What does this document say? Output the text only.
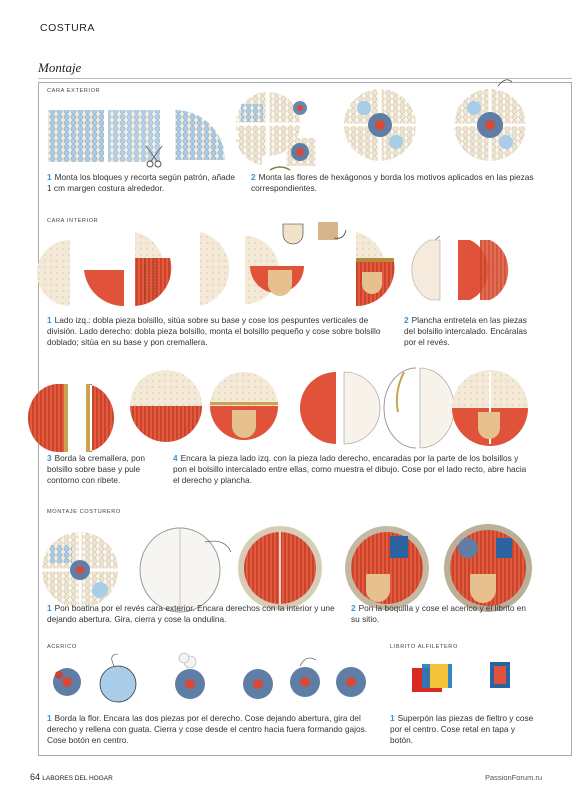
COSTURA
Montaje
CARA EXTERIOR
1 Monta los bloques y recorta según patrón, añade 1 cm margen costura alrededor.
2 Monta las flores de hexágonos y borda los motivos aplicados en las piezas correspondientes.
CARA INTERIOR
1 Lado izq.: dobla pieza bolsillo, sitúa sobre su base y cose los pespuntes verticales de división. Lado derecho: dobla pieza bolsillo, monta el bolsillo pequeño y cose sobre bolsillo doblado; sitúa en su base y pon cremallera.
2 Plancha entretela en las piezas del bolsillo intercalado. Encáralas por el revés.
3 Borda la cremallera, pon bolsillo sobre base y pule contorno con ribete.
4 Encara la pieza lado izq. con la pieza lado derecho, encaradas por la parte de los bolsillos y pon el bolsillo intercalado entre ellas, como muestra el dibujo. Cose por el lado recto, abre hacia el derecho y plancha.
MONTAJE COSTURERO
1 Pon boatina por el revés cara exterior. Encara derechos con la interior y une dejando abertura. Gira, cierra y cose la ondulina.
2 Pon la boquilla y cose el acerico y el librito en su sitio.
ACERICO	LIBRITO ALFILETERO
1 Borda la flor. Encara las dos piezas por el derecho. Cose dejando abertura, gira del derecho y rellena con guata. Cierra y cose desde el centro hacia fuera formando gajos. Cose botón en centro.
1 Superpón las piezas de fieltro y cose por el centro. Cose retal en tapa y botón.
64 LABORES DEL HOGAR	PassionForum.ru
